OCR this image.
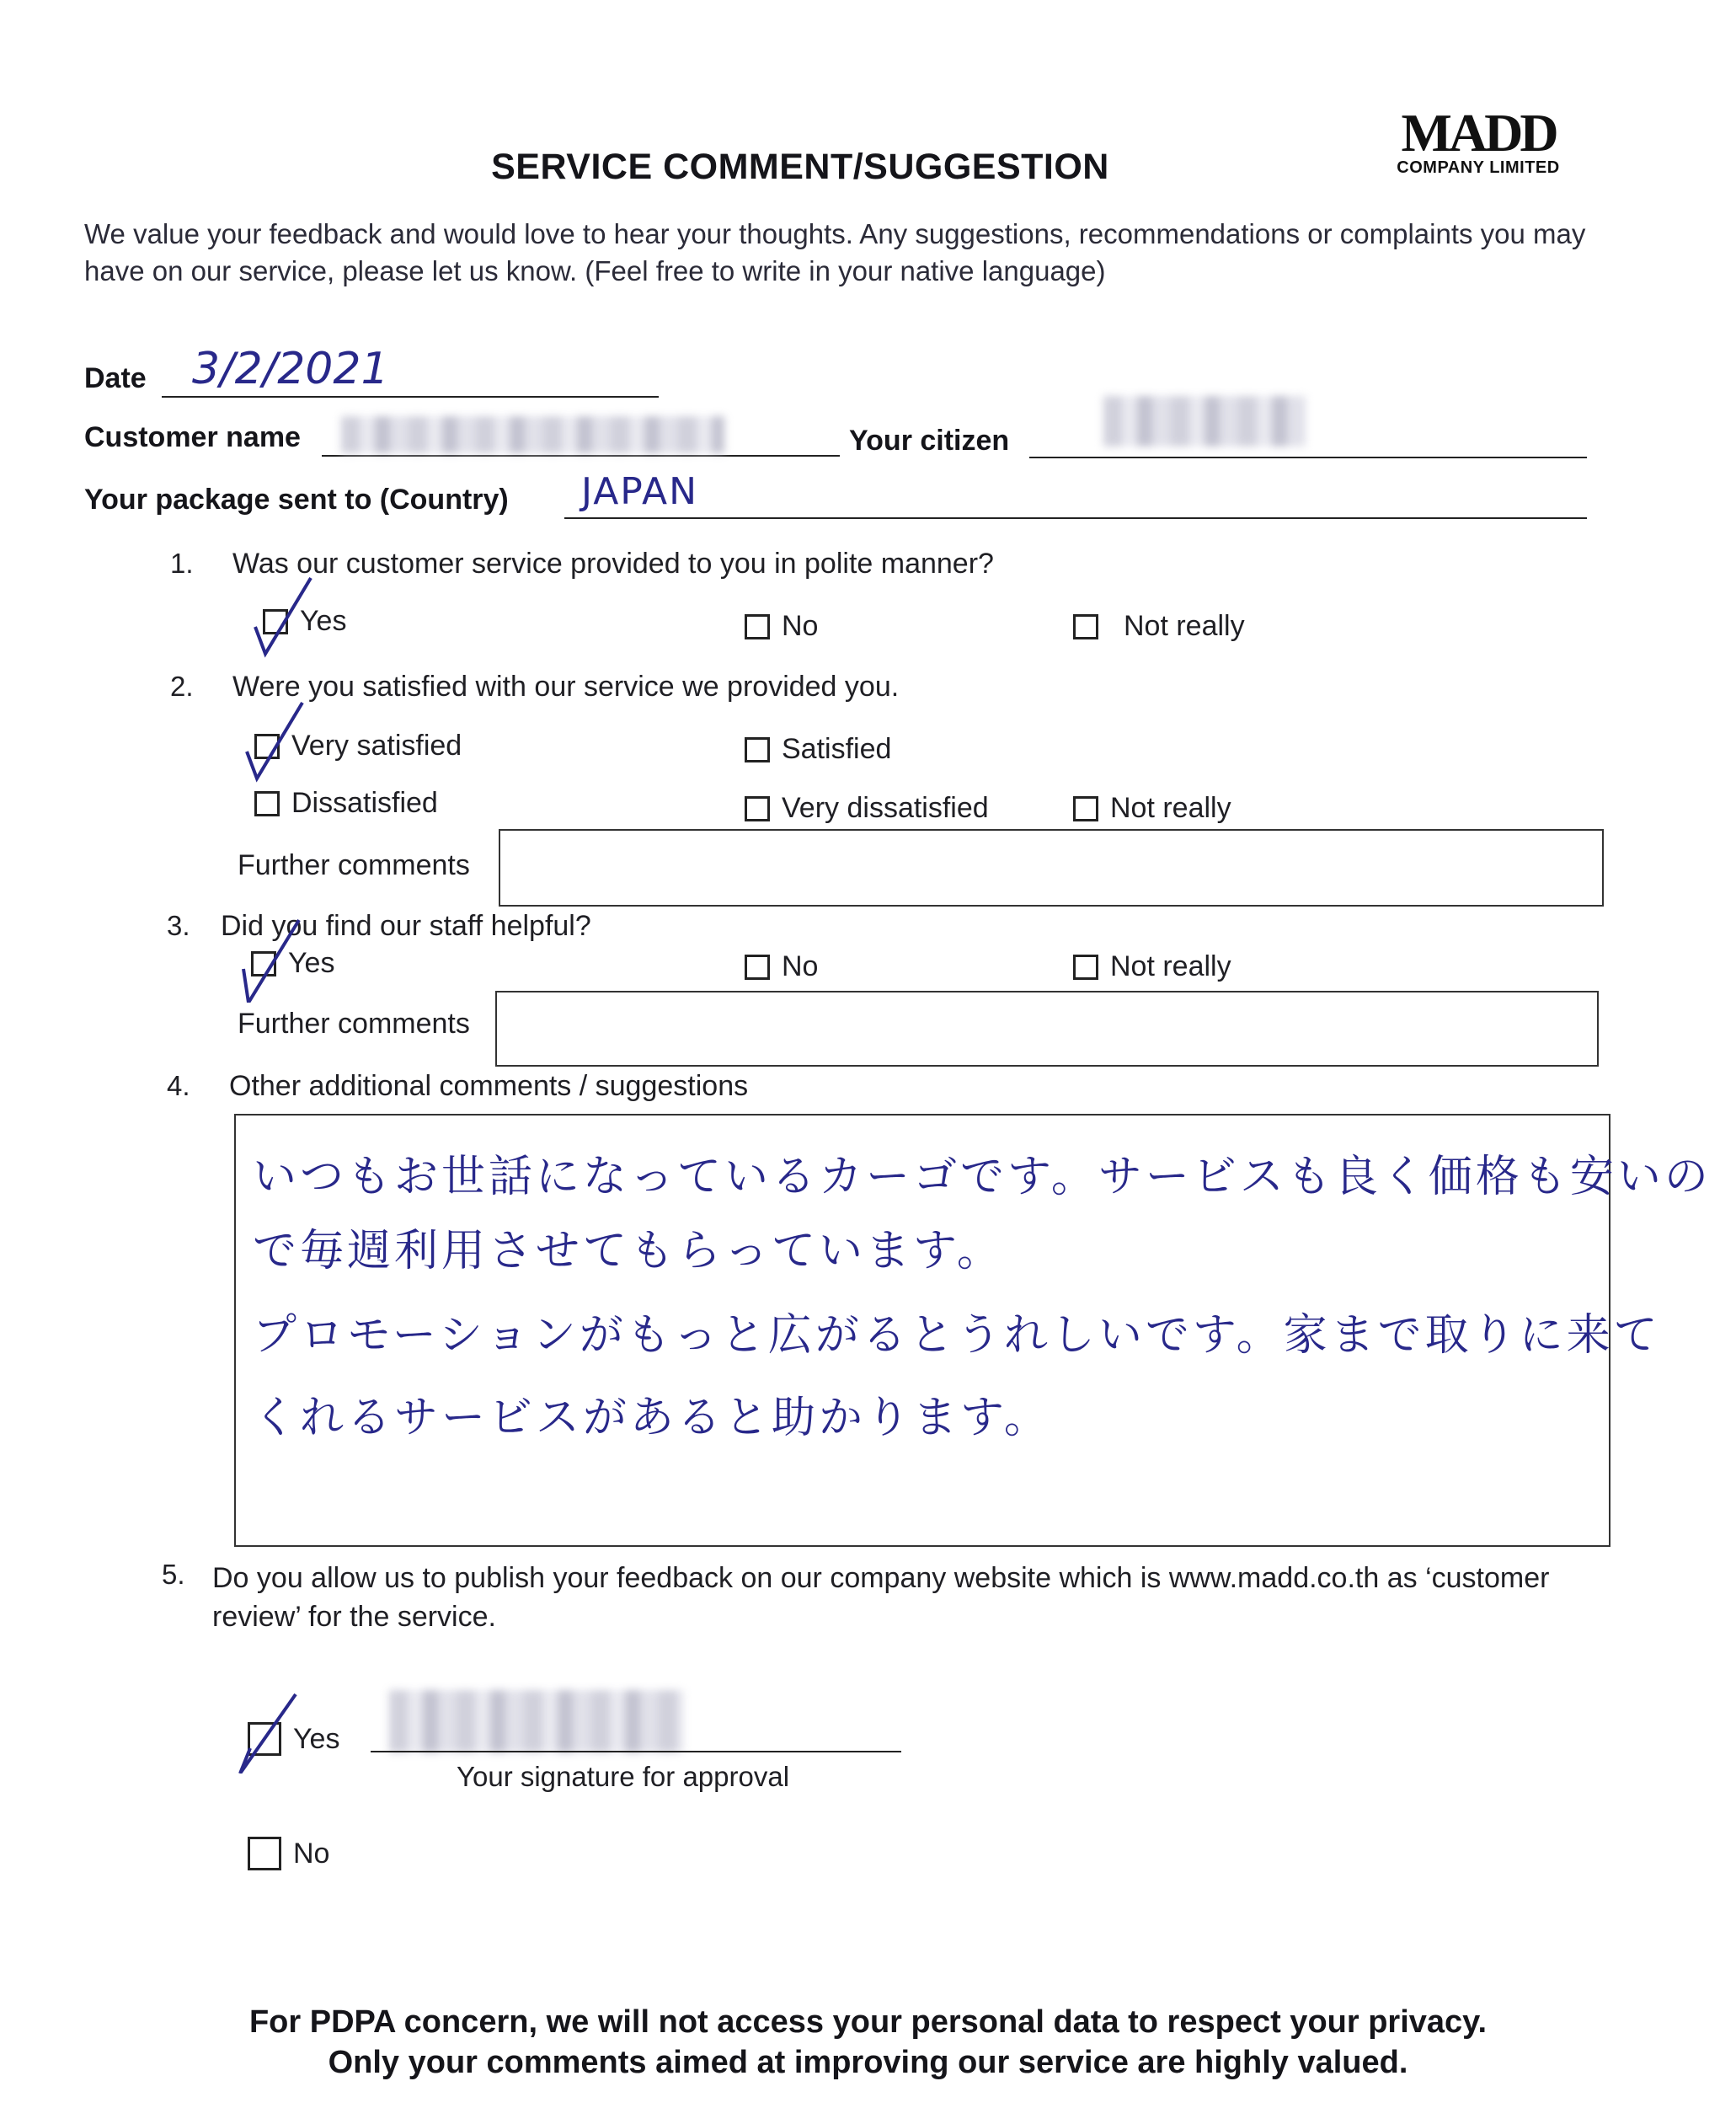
MADD
COMPANY LIMITED
SERVICE COMMENT/SUGGESTION
We value your feedback and would love to hear your thoughts. Any suggestions, recommendations or complaints you may have on our service, please let us know. (Feel free to write in your native language)
Date 3/2/2021
Customer name	Your citizen
Your package sent to (Country) JAPAN
1. Was our customer service provided to you in polite manner?
Yes	No	Not really
2. Were you satisfied with our service we provided you.
Very satisfied	Satisfied
Dissatisfied	Very dissatisfied	Not really
Further comments
3. Did you find our staff helpful?
Yes	No	Not really
Further comments
4. Other additional comments / suggestions
いつもお世話になっているカーゴです。サービスも良く価格も安いの
で毎週利用させてもらっています。
プロモーションがもっと広がるとうれしいです。家まで取りに来て
くれるサービスがあると助かります。
5. Do you allow us to publish your feedback on our company website which is www.madd.co.th as ‘customer review’ for the service.
Yes
Your signature for approval
No
For PDPA concern, we will not access your personal data to respect your privacy.
Only your comments aimed at improving our service are highly valued.
